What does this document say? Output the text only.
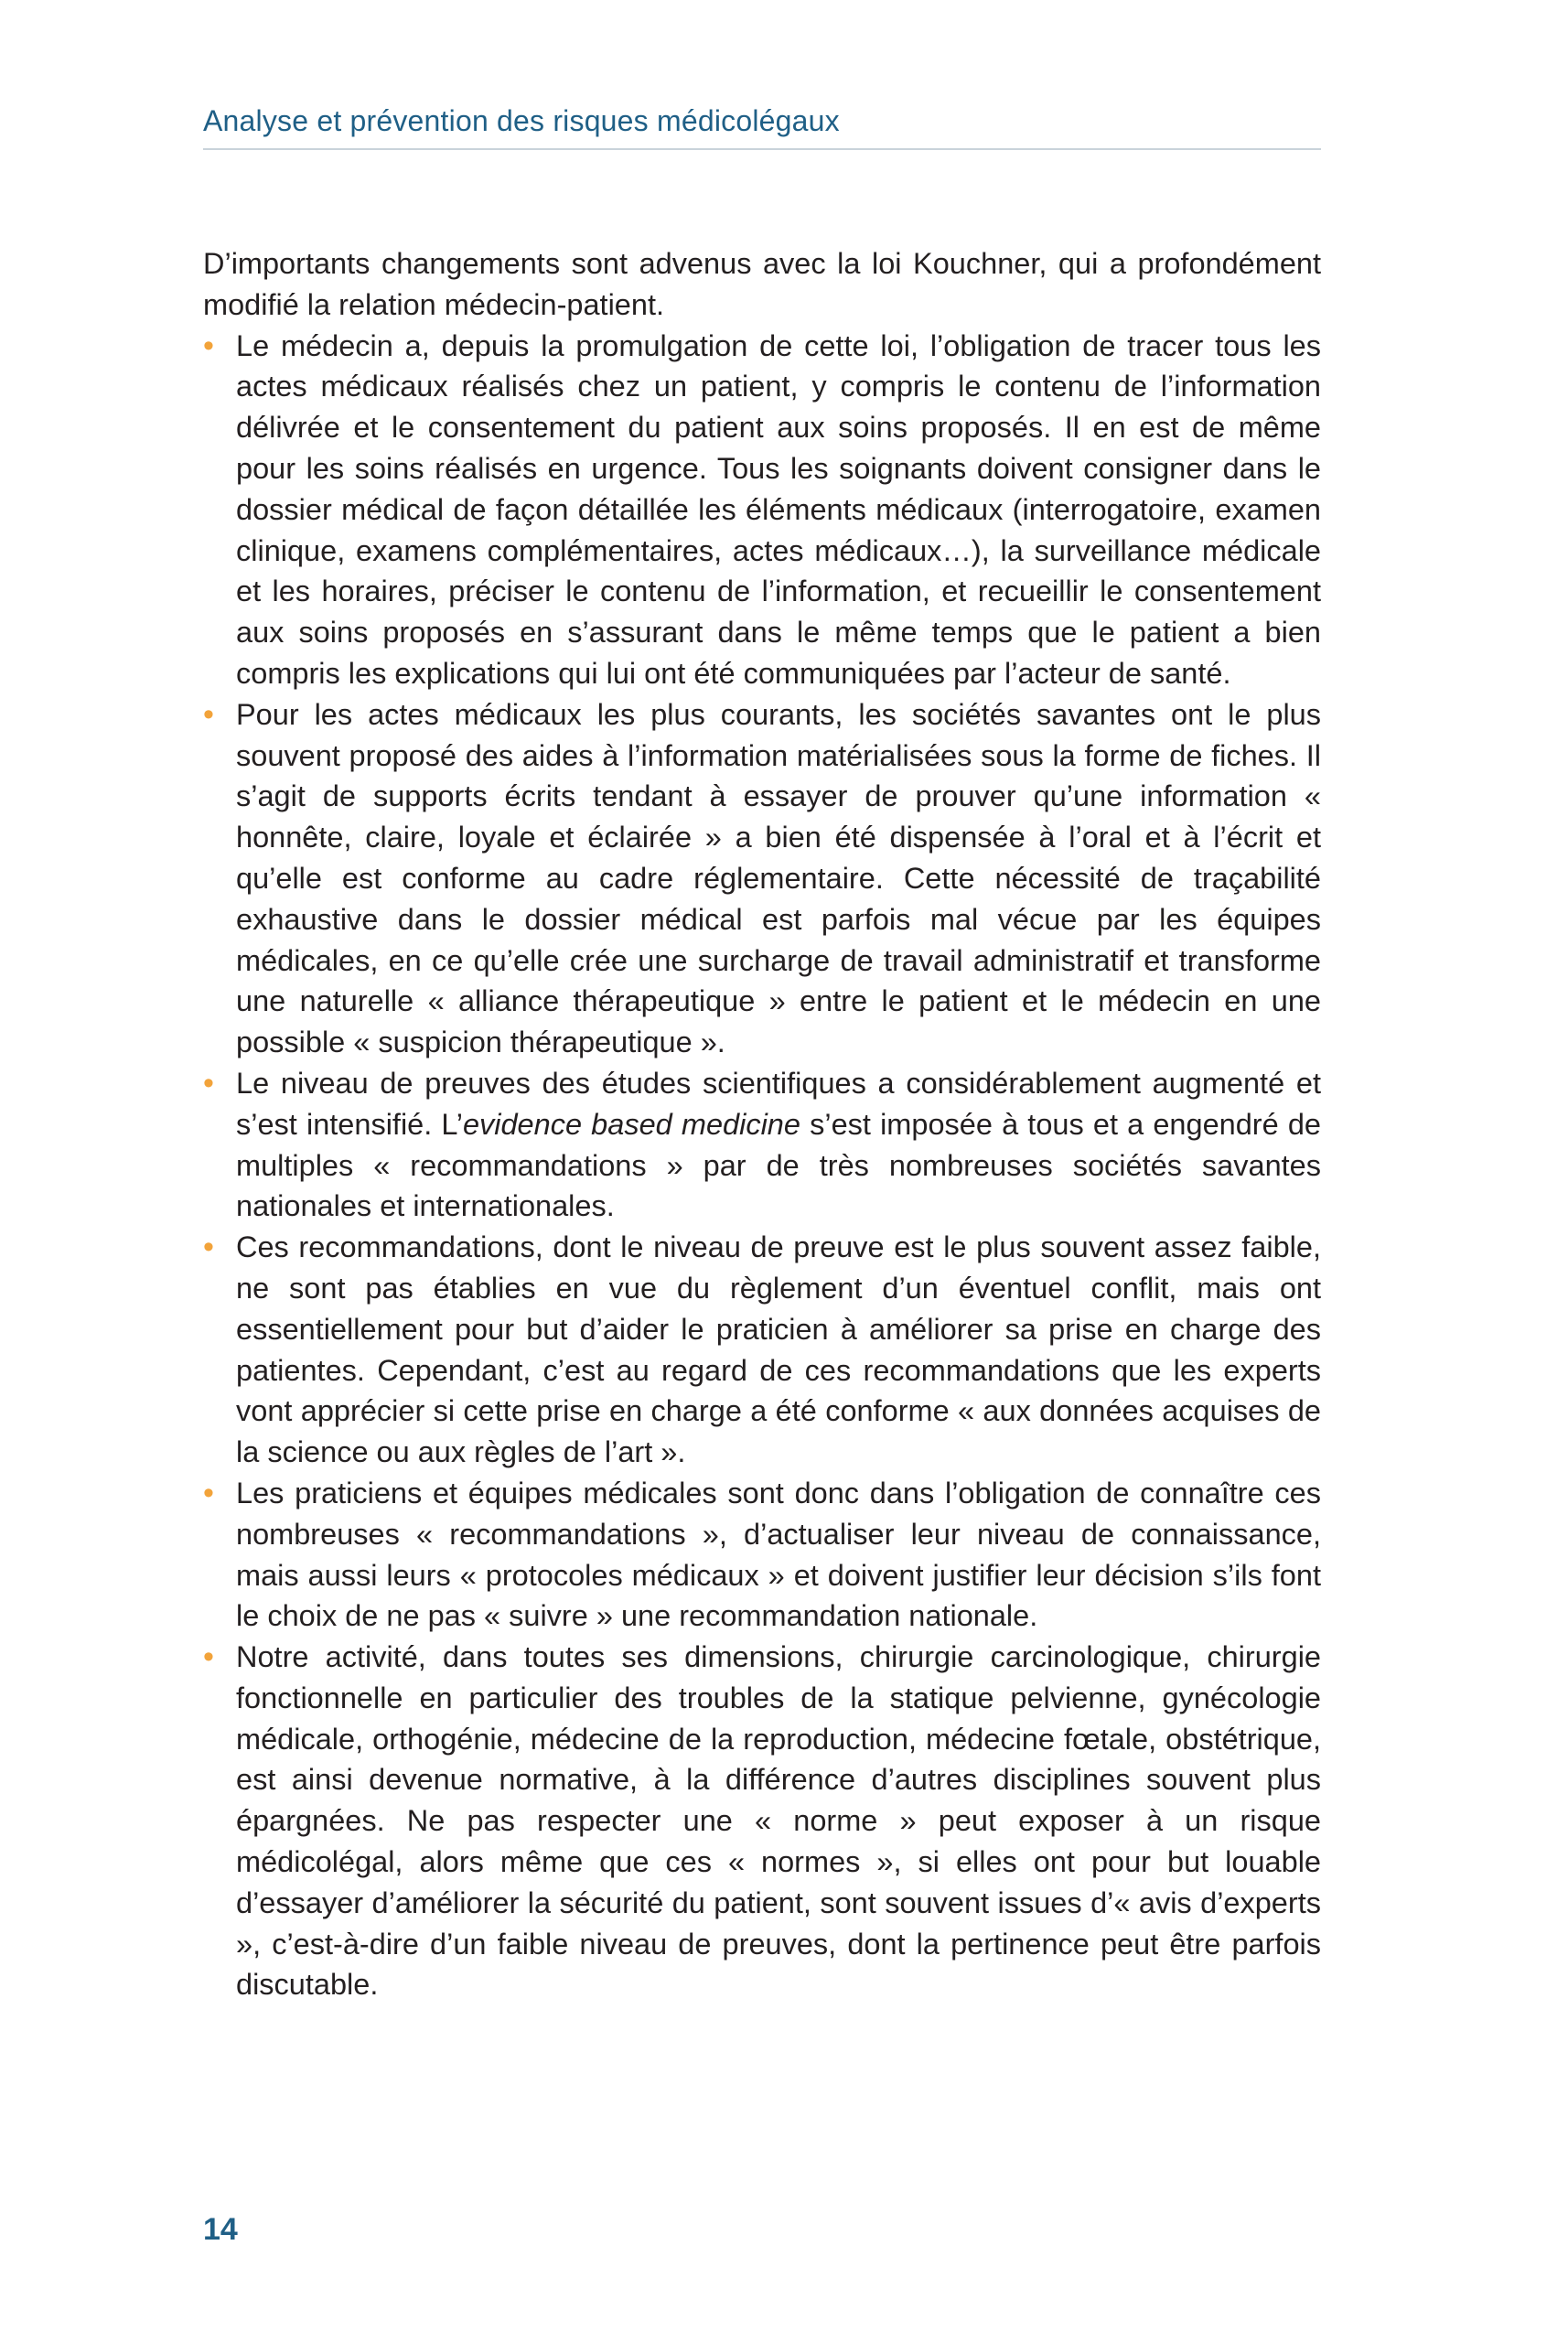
Analyse et prévention des risques médicolégaux

D’importants changements sont advenus avec la loi Kouchner, qui a profondément modifié la relation médecin-patient.

• Le médecin a, depuis la promulgation de cette loi, l’obligation de tracer tous les actes médicaux réalisés chez un patient, y compris le contenu de l’information délivrée et le consentement du patient aux soins proposés. Il en est de même pour les soins réalisés en urgence. Tous les soignants doivent consigner dans le dossier médical de façon détaillée les éléments médicaux (interrogatoire, examen clinique, examens complémentaires, actes médicaux…), la surveillance médicale et les horaires, préciser le contenu de l’information, et recueillir le consentement aux soins proposés en s’assurant dans le même temps que le patient a bien compris les explications qui lui ont été communiquées par l’acteur de santé.
• Pour les actes médicaux les plus courants, les sociétés savantes ont le plus souvent proposé des aides à l’information matérialisées sous la forme de fiches. Il s’agit de supports écrits tendant à essayer de prouver qu’une information « honnête, claire, loyale et éclairée » a bien été dispensée à l’oral et à l’écrit et qu’elle est conforme au cadre réglementaire. Cette nécessité de traçabilité exhaustive dans le dossier médical est parfois mal vécue par les équipes médicales, en ce qu’elle crée une surcharge de travail administratif et transforme une naturelle « alliance thérapeutique » entre le patient et le médecin en une possible « suspicion thérapeutique ».
• Le niveau de preuves des études scientifiques a considérablement augmenté et s’est intensifié. L’evidence based medicine s’est imposée à tous et a engendré de multiples « recommandations » par de très nombreuses sociétés savantes nationales et internationales.
• Ces recommandations, dont le niveau de preuve est le plus souvent assez faible, ne sont pas établies en vue du règlement d’un éventuel conflit, mais ont essentiellement pour but d’aider le praticien à améliorer sa prise en charge des patientes. Cependant, c’est au regard de ces recommandations que les experts vont apprécier si cette prise en charge a été conforme « aux données acquises de la science ou aux règles de l’art ».
• Les praticiens et équipes médicales sont donc dans l’obligation de connaître ces nombreuses « recommandations », d’actualiser leur niveau de connaissance, mais aussi leurs « protocoles médicaux » et doivent justifier leur décision s’ils font le choix de ne pas « suivre » une recommandation nationale.
• Notre activité, dans toutes ses dimensions, chirurgie carcinologique, chirurgie fonctionnelle en particulier des troubles de la statique pelvienne, gynécologie médicale, orthogénie, médecine de la reproduction, médecine fœtale, obstétrique, est ainsi devenue normative, à la différence d’autres disciplines souvent plus épargnées. Ne pas respecter une « norme » peut exposer à un risque médicolégal, alors même que ces « normes », si elles ont pour but louable d’essayer d’améliorer la sécurité du patient, sont souvent issues d’« avis d’experts », c’est-à-dire d’un faible niveau de preuves, dont la pertinence peut être parfois discutable.
14
